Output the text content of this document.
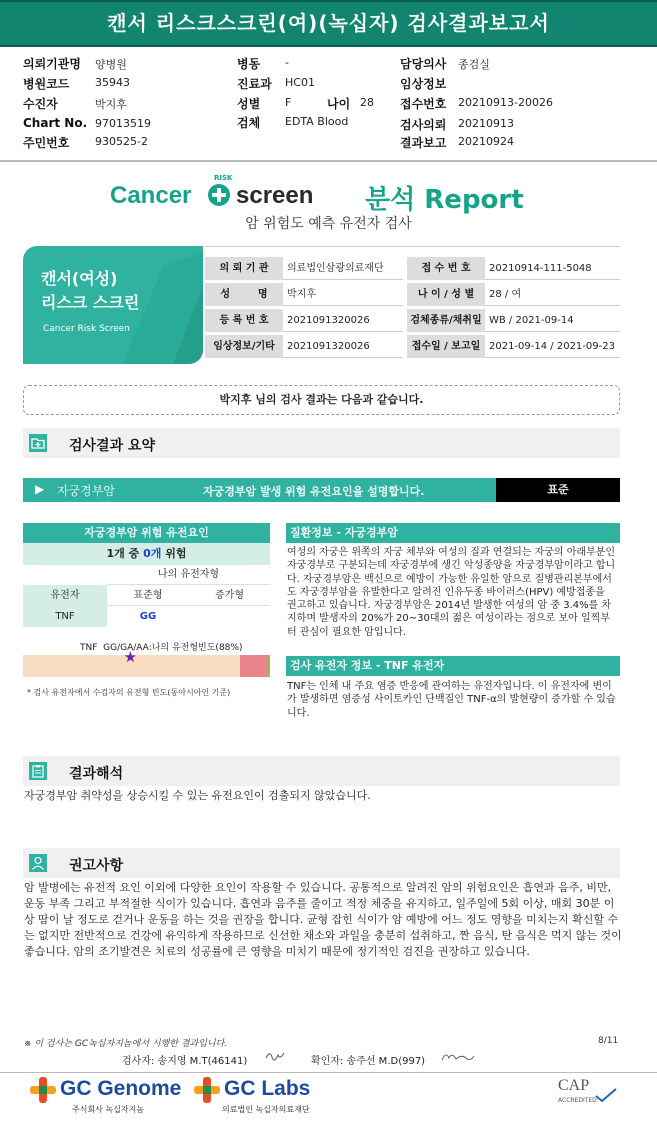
캔서 리스크스크린(여)(녹십자) 검사결과보고서
의뢰기관명 양병원
병원코드 35943
수진자	박지후
Chart No. 97013519
주민번호 930525-2
병동 -
진료과 HC01
성별 F	나이 28
검체 EDTA Blood
담당의사 종검실
임상정보
접수번호 20210913-20026
검사의뢰 20210913
결과보고 20210924
Cancer
RISK
screen 분석 Report
암 위험도 예측 유전자 검사
캔서(여성)
리스크 스크린
Cancer Risk Screen
의 뢰 기 관	의료법인삼광의료재단	접 수 번 호	20210914-111-5048
성        명	박지후	나 이 / 성 별	28 / 여
등 록 번 호	2021091320026	검체종류/채취일 WB / 2021-09-14
임상정보/기타	2021091320026	접수일 / 보고일 2021-09-14 / 2021-09-23
박지후 님의 검사 결과는 다음과 같습니다.
검사결과 요약
▶ 자궁경부암	자궁경부암 발생 위험 유전요인을 설명합니다.	표준
자궁경부암 위험 유전요인
1개 중 0개 위험
나의 유전자형
유전자	표준형	증가형
TNF	GG
TNF  GG/GA/AA:나의 유전형빈도(88%)
★
* 검사 유전자에서 수검자의 유전형 빈도(동아시아인 기준)
질환정보 - 자궁경부암
여성의 자궁은 위쪽의 자궁 체부와 여성의 질과 연결되는 자궁의 아래부분인 자궁경부로 구분되는데 자궁경부에 생긴 악성종양을 자궁경부암이라고 합니다. 자궁경부암은 백신으로 예방이 가능한 유일한 암으로 질병관리본부에서도 자궁경부암을 유발한다고 알려진 인유두종 바이러스(HPV) 예방접종을 권고하고 있습니다. 자궁경부암은 2014년 발생한 여성의 암 중 3.4%를 차지하며 발생자의 20%가 20~30대의 젊은 여성이라는 점으로 보아 일찍부터 관심이 필요한 암입니다.
검사 유전자 정보 - TNF 유전자
TNF는 인체 내 주요 염증 반응에 관여하는 유전자입니다. 이 유전자에 변이가 발생하면 염증성 사이토카인 단백질인 TNF-α의 발현량이 증가할 수 있습니다.
결과해석
자궁경부암 취약성을 상승시킬 수 있는 유전요인이 검출되지 않았습니다.
권고사항
암 발병에는 유전적 요인 이외에 다양한 요인이 작용할 수 있습니다. 공통적으로 알려진 암의 위험요인은 흡연과 음주, 비만, 운동 부족 그리고 부적절한 식이가 있습니다. 흡연과 음주를 줄이고 적정 체중을 유지하고, 일주일에 5회 이상, 매회 30분 이상 땀이 날 정도로 걷거나 운동을 하는 것을 권장을 합니다. 균형 잡힌 식이가 암 예방에 어느 정도 영향을 미치는지 확신할 수는 없지만 전반적으로 건강에 유익하게 작용하므로 신선한 채소와 과일을 충분히 섭취하고, 짠 음식, 탄 음식은 먹지 않는 것이 좋습니다. 암의 조기발견은 치료의 성공률에 큰 영향을 미치기 때문에 정기적인 검진을 권장하고 있습니다.
※ 이 검사는 GC녹십자지놈에서 시행한 결과입니다.	8/11
검사자: 송지영 M.T(46141)	확인자: 송주선 M.D(997)
GC Genome
주식회사 녹십자지놈
GC Labs
의료법인 녹십자의료재단
CAP
ACCREDITED
